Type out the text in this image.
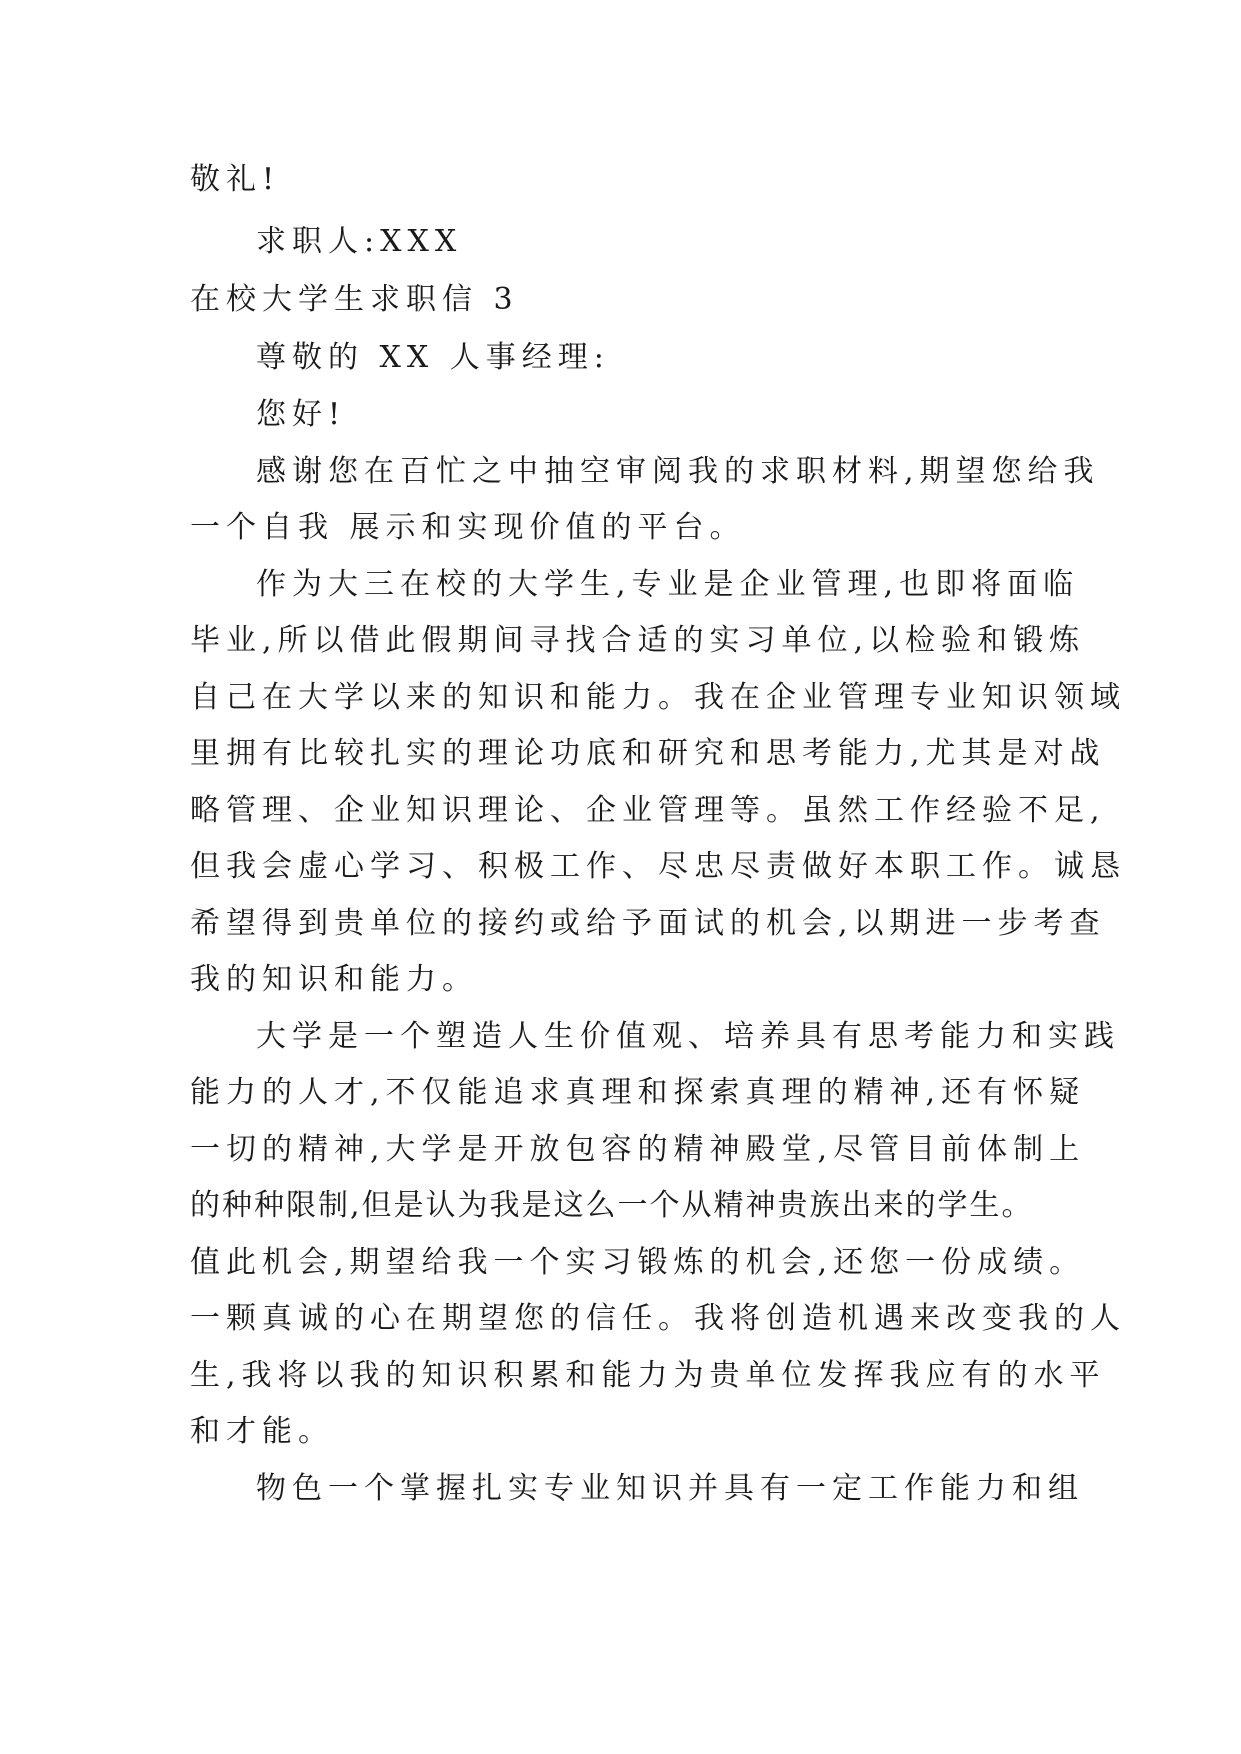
敬礼!
求职人:XXX
在校大学生求职信 3
尊敬的 XX 人事经理:
您好!
感谢您在百忙之中抽空审阅我的求职材料,期望您给我
一个自我 展示和实现价值的平台。
作为大三在校的大学生,专业是企业管理,也即将面临
毕业,所以借此假期间寻找合适的实习单位,以检验和锻炼
自己在大学以来的知识和能力。我在企业管理专业知识领域
里拥有比较扎实的理论功底和研究和思考能力,尤其是对战
略管理、企业知识理论、企业管理等。虽然工作经验不足,
但我会虚心学习、积极工作、尽忠尽责做好本职工作。诚恳
希望得到贵单位的接约或给予面试的机会,以期进一步考查
我的知识和能力。
大学是一个塑造人生价值观、培养具有思考能力和实践
能力的人才,不仅能追求真理和探索真理的精神,还有怀疑
一切的精神,大学是开放包容的精神殿堂,尽管目前体制上
的种种限制,但是认为我是这么一个从精神贵族出来的学生。
值此机会,期望给我一个实习锻炼的机会,还您一份成绩。
一颗真诚的心在期望您的信任。我将创造机遇来改变我的人
生,我将以我的知识积累和能力为贵单位发挥我应有的水平
和才能。
物色一个掌握扎实专业知识并具有一定工作能力和组
